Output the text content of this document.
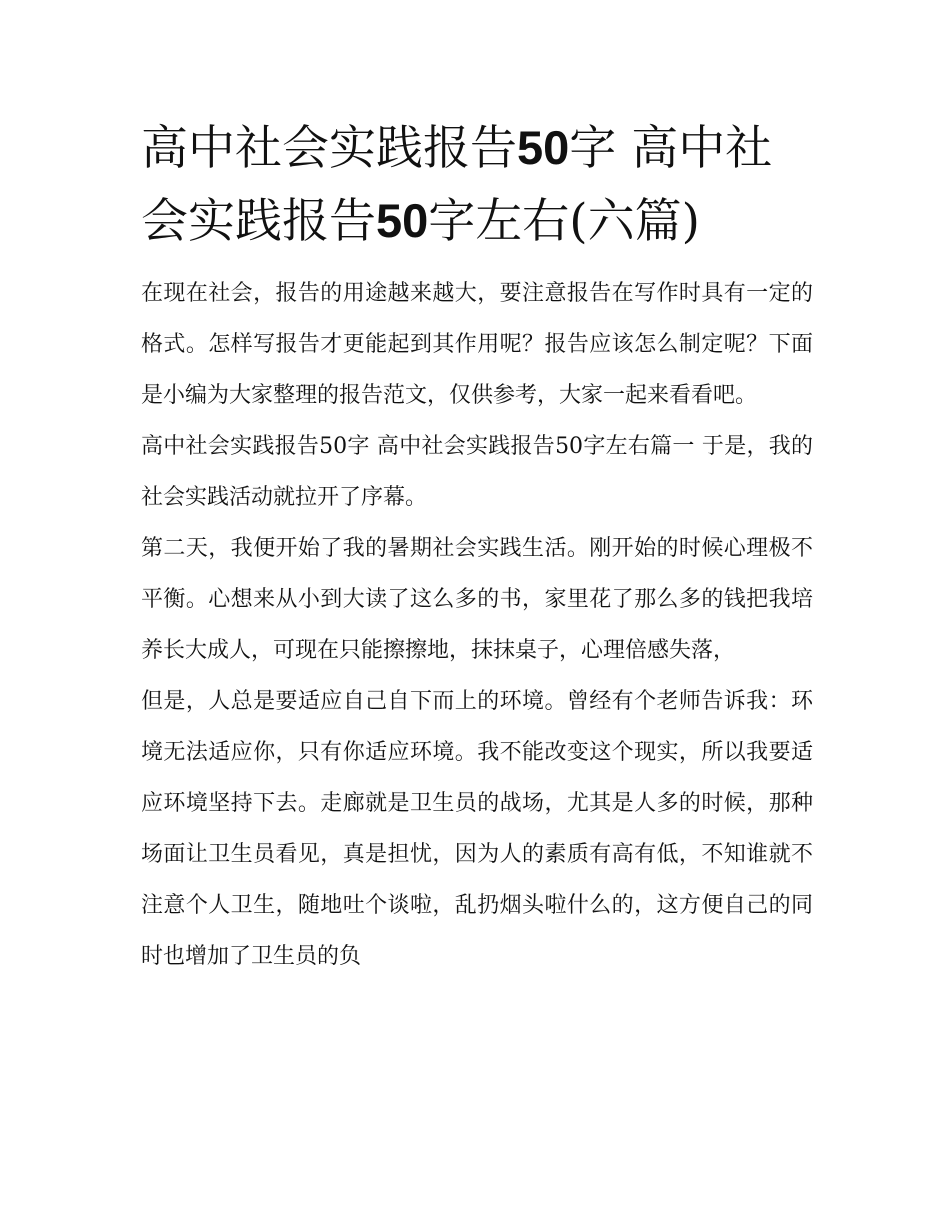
高中社会实践报告50字 高中社会实践报告50字左右(六篇)

在现在社会，报告的用途越来越大，要注意报告在写作时具有一定的格式。怎样写报告才更能起到其作用呢？报告应该怎么制定呢？下面是小编为大家整理的报告范文，仅供参考，大家一起来看看吧。

高中社会实践报告50字 高中社会实践报告50字左右篇一 于是，我的社会实践活动就拉开了序幕。

第二天，我便开始了我的暑期社会实践生活。刚开始的时候心理极不平衡。心想来从小到大读了这么多的书，家里花了那么多的钱把我培养长大成人，可现在只能擦擦地，抹抹桌子，心理倍感失落，

但是，人总是要适应自己自下而上的环境。曾经有个老师告诉我：环境无法适应你，只有你适应环境。我不能改变这个现实，所以我要适应环境坚持下去。走廊就是卫生员的战场，尤其是人多的时候，那种场面让卫生员看见，真是担忧，因为人的素质有高有低，不知谁就不注意个人卫生，随地吐个谈啦，乱扔烟头啦什么的，这方便自己的同时也增加了卫生员的负
